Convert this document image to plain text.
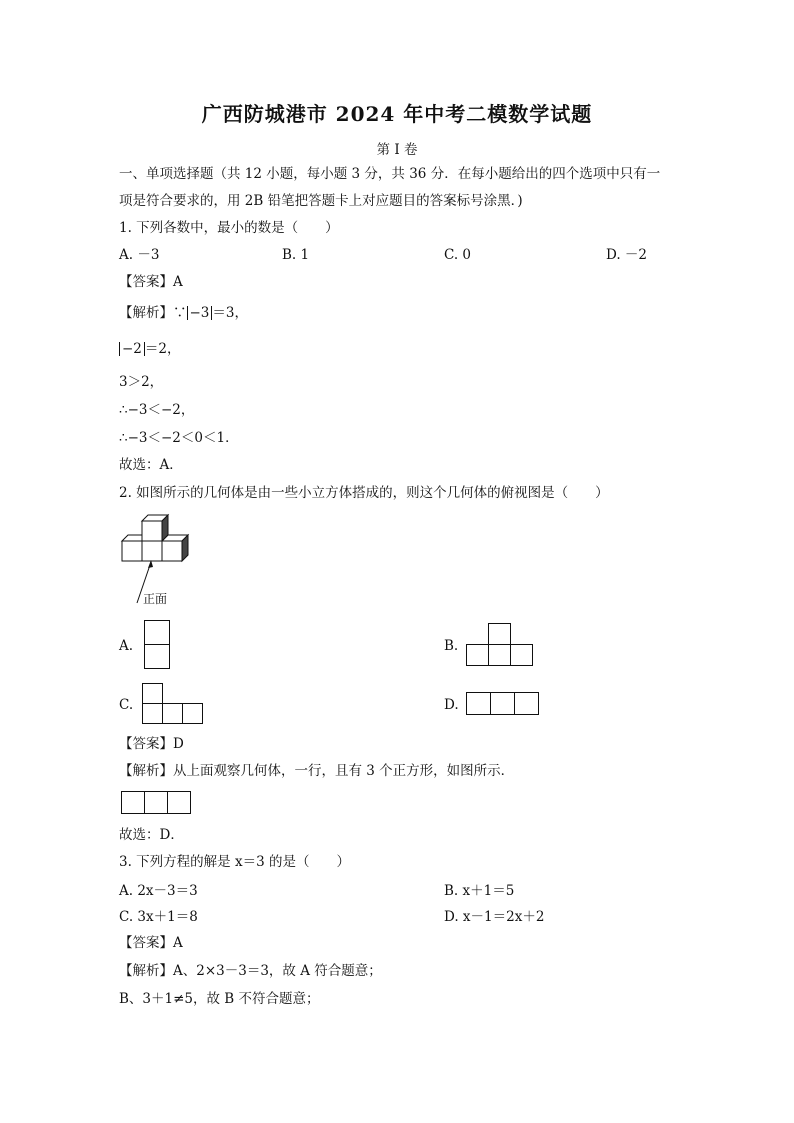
广西防城港市 2024 年中考二模数学试题
第 I 卷
一、单项选择题（共 12 小题，每小题 3 分，共 36 分．在每小题给出的四个选项中只有一
项是符合要求的，用 2B 铅笔把答题卡上对应题目的答案标号涂黑．)
1. 下列各数中，最小的数是（　　）
A. －3	B. 1	C. 0	D. －2
【答案】A
【解析】∵ −3 ＝3，
−2 ＝2，
3＞2，
∴−3＜−2，
∴−3＜−2＜0＜1．
故选：A．
2. 如图所示的几何体是由一些小立方体搭成的，则这个几何体的俯视图是（　　）
正面
A.	B.
C.	D.
【答案】D
【解析】从上面观察几何体，一行，且有 3 个正方形，如图所示．
故选：D．
3. 下列方程的解是 x＝3 的是（　　）
A. 2x－3＝3	B. x＋1＝5
C. 3x＋1＝8	D. x－1＝2x＋2
【答案】A
【解析】A、2×3－3＝3，故 A 符合题意；
B、3＋1≠5，故 B 不符合题意；
